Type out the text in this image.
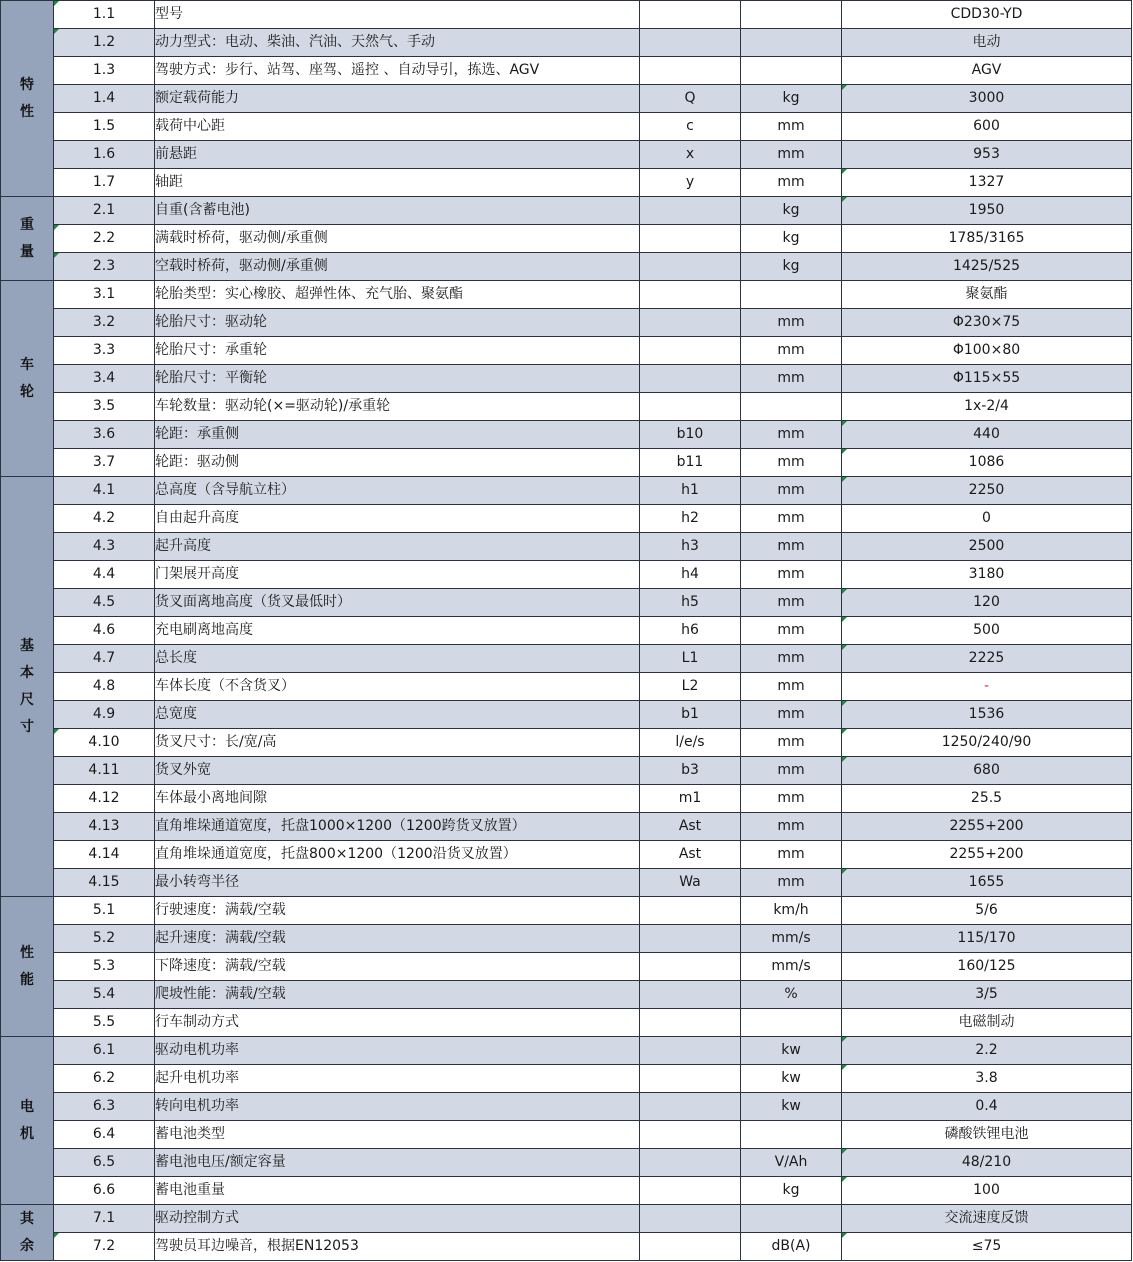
特
性	1.1	型号			CDD30-YD
	1.2	动力型式：电动、柴油、汽油、天然气、手动			电动
	1.3	驾驶方式：步行、站驾、座驾、遥控 、自动导引，拣选、AGV			AGV
	1.4	额定载荷能力	Q	kg	3000
	1.5	载荷中心距	c	mm	600
	1.6	前悬距	x	mm	953
	1.7	轴距	y	mm	1327

重
量	2.1	自重(含蓄电池)		kg	1950
	2.2	满载时桥荷，驱动侧/承重侧		kg	1785/3165
	2.3	空载时桥荷，驱动侧/承重侧		kg	1425/525

车
轮	3.1	轮胎类型：实心橡胶、超弹性体、充气胎、聚氨酯			聚氨酯
	3.2	轮胎尺寸：驱动轮		mm	Φ230×75
	3.3	轮胎尺寸：承重轮		mm	Φ100×80
	3.4	轮胎尺寸：平衡轮		mm	Φ115×55
	3.5	车轮数量：驱动轮(×=驱动轮)/承重轮			1x-2/4
	3.6	轮距：承重侧	b10	mm	440
	3.7	轮距：驱动侧	b11	mm	1086

基
本
尺
寸	4.1	总高度（含导航立柱）	h1	mm	2250
	4.2	自由起升高度	h2	mm	0
	4.3	起升高度	h3	mm	2500
	4.4	门架展开高度	h4	mm	3180
	4.5	货叉面离地高度（货叉最低时）	h5	mm	120
	4.6	充电刷离地高度	h6	mm	500
	4.7	总长度	L1	mm	2225
	4.8	车体长度（不含货叉）	L2	mm	-
	4.9	总宽度	b1	mm	1536
	4.10	货叉尺寸：长/宽/高	l/e/s	mm	1250/240/90
	4.11	货叉外宽	b3	mm	680
	4.12	车体最小离地间隙	m1	mm	25.5
	4.13	直角堆垛通道宽度，托盘1000×1200（1200跨货叉放置）	Ast	mm	2255+200
	4.14	直角堆垛通道宽度，托盘800×1200（1200沿货叉放置）	Ast	mm	2255+200
	4.15	最小转弯半径	Wa	mm	1655

性
能	5.1	行驶速度：满载/空载		km/h	5/6
	5.2	起升速度：满载/空载		mm/s	115/170
	5.3	下降速度：满载/空载		mm/s	160/125
	5.4	爬坡性能：满载/空载		%	3/5
	5.5	行车制动方式			电磁制动

电
机	6.1	驱动电机功率		kw	2.2
	6.2	起升电机功率		kw	3.8
	6.3	转向电机功率		kw	0.4
	6.4	蓄电池类型			磷酸铁锂电池
	6.5	蓄电池电压/额定容量		V/Ah	48/210
	6.6	蓄电池重量		kg	100

其
余	7.1	驱动控制方式			交流速度反馈
	7.2	驾驶员耳边噪音，根据EN12053		dB(A)	≤75
